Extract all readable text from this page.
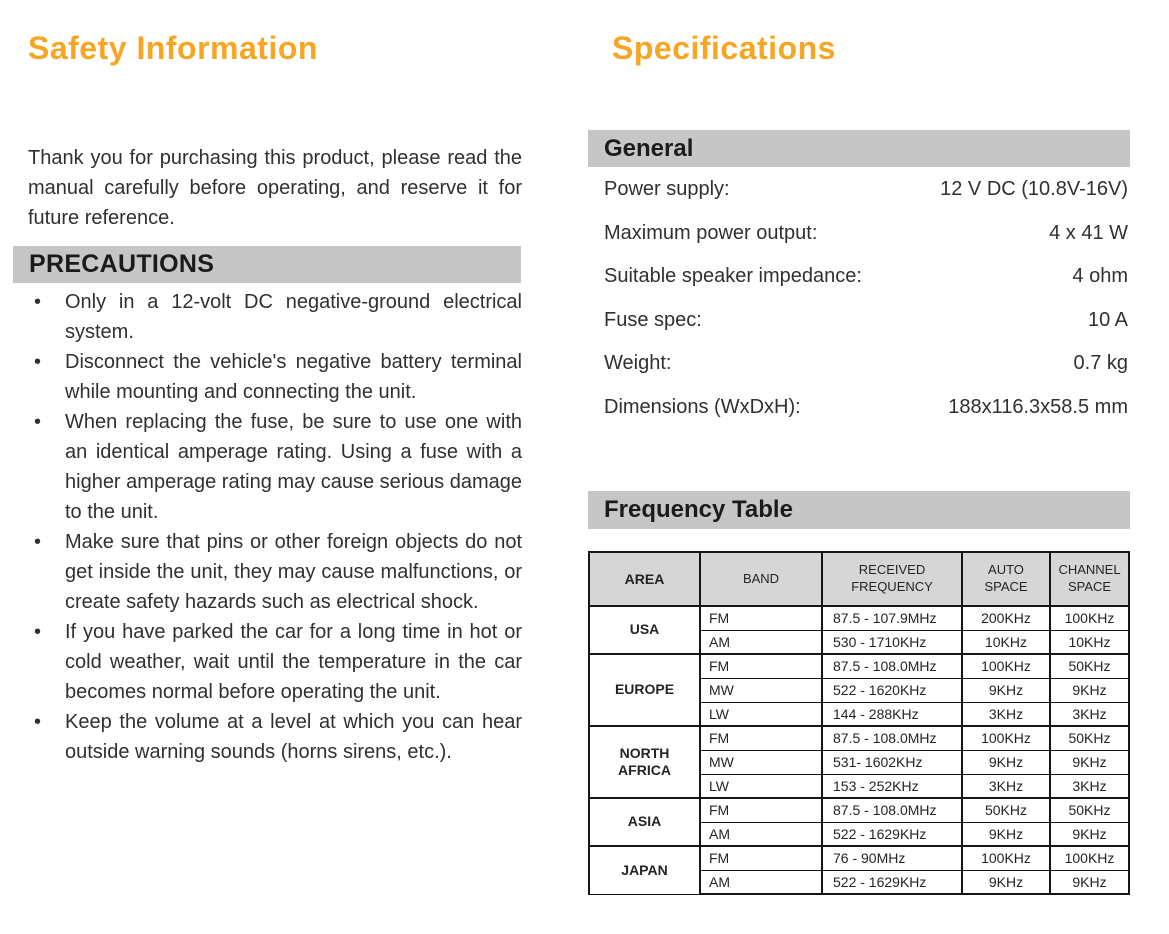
Safety Information

Thank you for purchasing this product, please read the manual carefully before operating, and reserve it for future reference.

PRECAUTIONS
• Only in a 12-volt DC negative-ground electrical system.
• Disconnect the vehicle's negative battery terminal while mounting and connecting the unit.
• When replacing the fuse, be sure to use one with an identical amperage rating. Using a fuse with a higher amperage rating may cause serious damage to the unit.
• Make sure that pins or other foreign objects do not get inside the unit, they may cause malfunctions, or create safety hazards such as electrical shock.
• If you have parked the car for a long time in hot or cold weather, wait until the temperature in the car becomes normal before operating the unit.
• Keep the volume at a level at which you can hear outside warning sounds (horns sirens, etc.).
Specifications
General
Power supply:	12 V DC (10.8V-16V)
Maximum power output:	4 x 41 W
Suitable speaker impedance:	4 ohm
Fuse spec:	10 A
Weight:	0.7 kg
Dimensions (WxDxH):	188x116.3x58.5 mm
Frequency Table
AREA	BAND	RECEIVED FREQUENCY	AUTO SPACE	CHANNEL SPACE
USA	FM	87.5 - 107.9MHz	200KHz	100KHz
	AM	530 - 1710KHz	10KHz	10KHz
EUROPE	FM	87.5 - 108.0MHz	100KHz	50KHz
	MW	522 - 1620KHz	9KHz	9KHz
	LW	144 - 288KHz	3KHz	3KHz
NORTH AFRICA	FM	87.5 - 108.0MHz	100KHz	50KHz
	MW	531- 1602KHz	9KHz	9KHz
	LW	153 - 252KHz	3KHz	3KHz
ASIA	FM	87.5 - 108.0MHz	50KHz	50KHz
	AM	522 - 1629KHz	9KHz	9KHz
JAPAN	FM	76 - 90MHz	100KHz	100KHz
	AM	522 - 1629KHz	9KHz	9KHz
